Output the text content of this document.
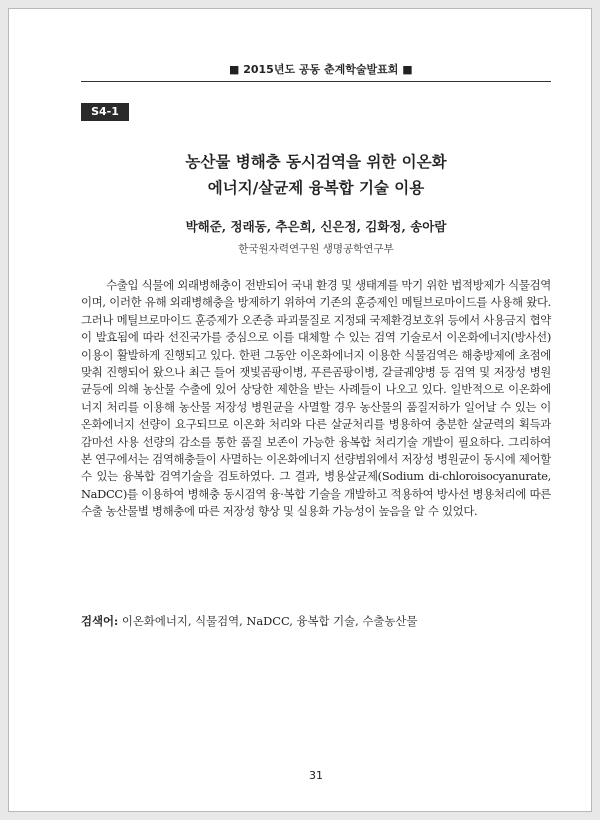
■ 2015년도 공동 춘계학술발표회 ■
S4-1
농산물 병해충 동시검역을 위한 이온화
에너지/살균제 융복합 기술 이용
박해준, 정래동, 추은희, 신은정, 김화정, 송아람
한국원자력연구원 생명공학연구부

수출입 식물에 외래병해충이 전반되어 국내 환경 및 생태계를 막기 위한 법적방제가 식물검역이며, 이러한 유해 외래병해충을 방제하기 위하여 기존의 훈증제인 메틸브로마이드를 사용해 왔다. 그러나 메틸브로마이드 훈증제가 오존층 파괴물질로 지정돼 국제환경보호위 등에서 사용금지 협약이 발효됨에 따라 선진국가를 중심으로 이를 대체할 수 있는 검역 기술로서 이온화에너지(방사선) 이용이 활발하게 진행되고 있다. 한편 그동안 이온화에너지 이용한 식물검역은 해충방제에 초점에 맞춰 진행되어 왔으나 최근 들어 잿빛곰팡이병, 푸른곰팡이병, 갈글궤양병 등 검역 및 저장성 병원균등에 의해 농산물 수출에 있어 상당한 제한을 받는 사례들이 나오고 있다. 일반적으로 이온화에너지 처리를 이용해 농산물 저장성 병원균을 사멸할 경우 농산물의 품질저하가 일어날 수 있는 이온화에너지 선량이 요구되므로 이온화 처리와 다른 살균처리를 병용하여 충분한 살균력의 획득과 감마선 사용 선량의 감소를 통한 품질 보존이 가능한 융복합 처리기술 개발이 필요하다. 그리하여 본 연구에서는 검역해충들이 사멸하는 이온화에너지 선량범위에서 저장성 병원균이 동시에 제어할 수 있는 융복합 검역기술을 검토하였다. 그 결과, 병용살균제(Sodium di-chloroisocyanurate, NaDCC)를 이용하여 병해충 동시검역 융·복합 기술을 개발하고 적용하여 방사선 병용처리에 따른 수출 농산물별 병해충에 따른 저장성 향상 및 실용화 가능성이 높음을 알 수 있었다.

검색어: 이온화에너지, 식물검역, NaDCC, 융복합 기술, 수출농산물

31
